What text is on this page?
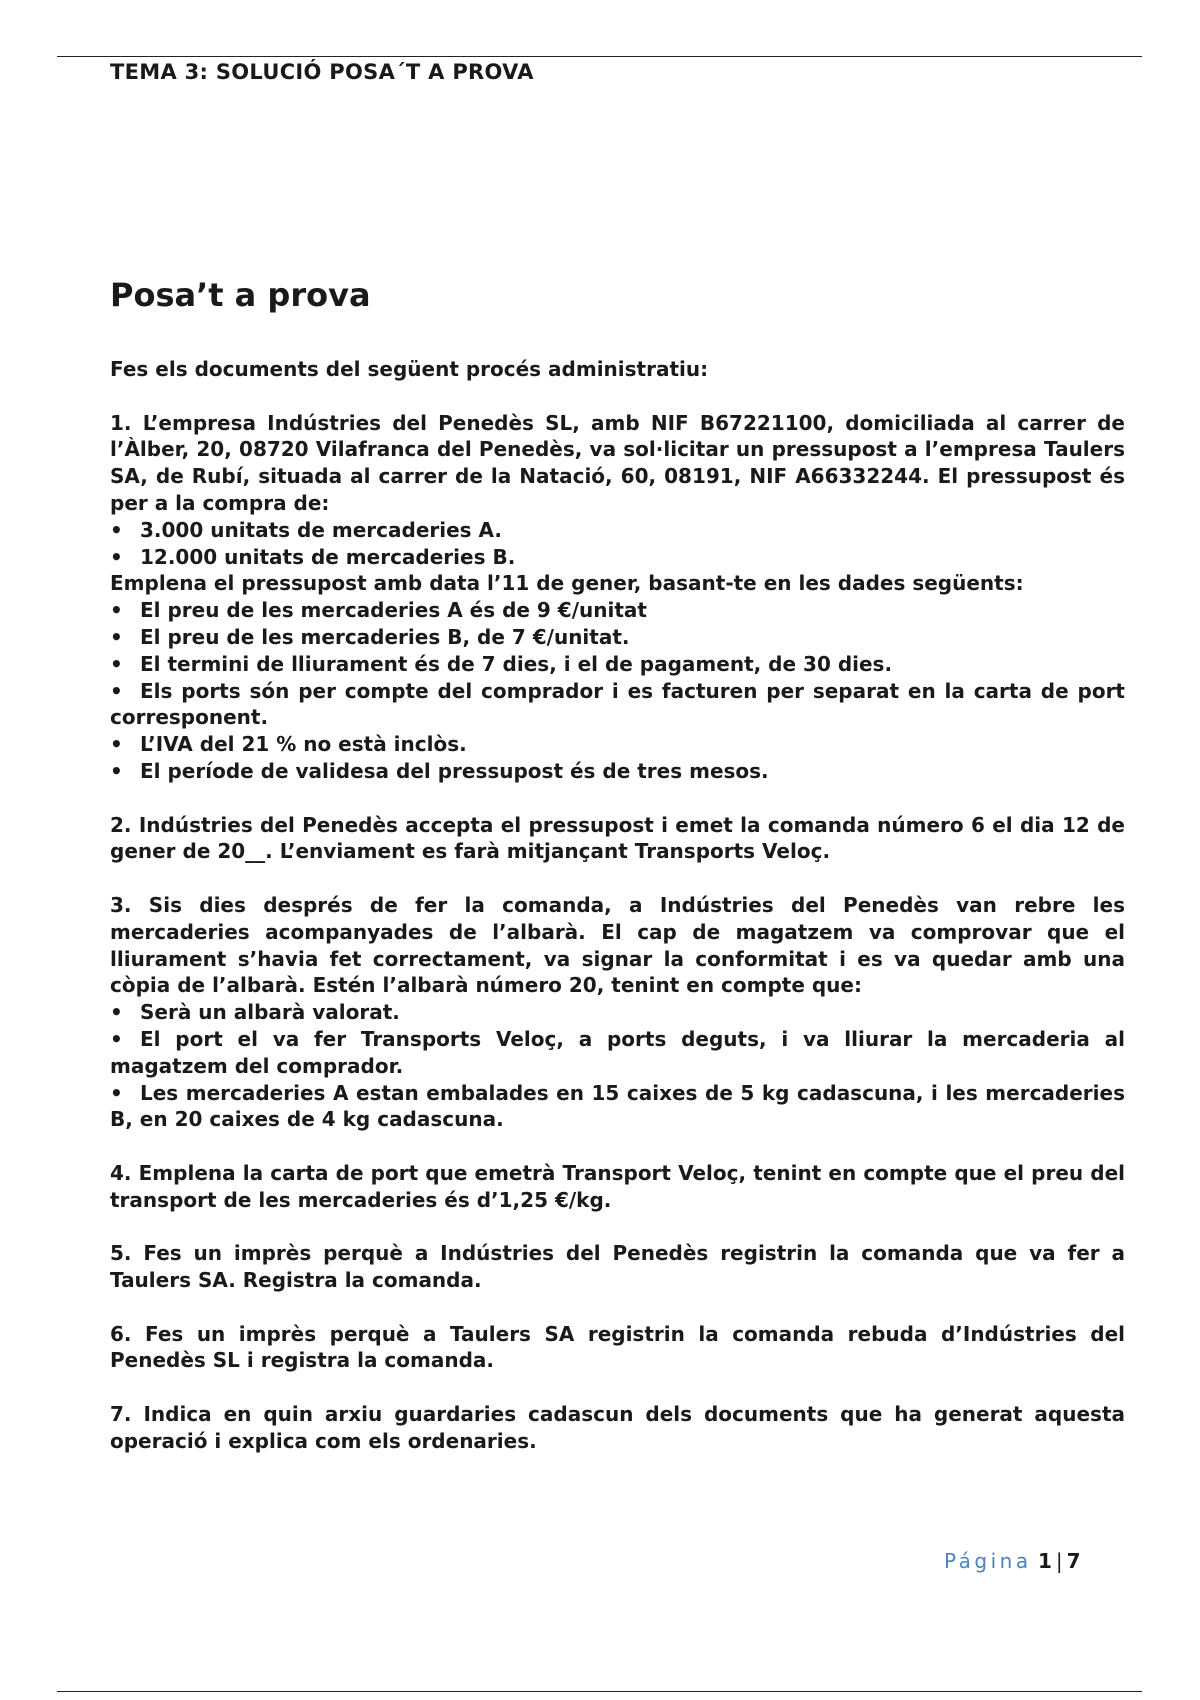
TEMA 3: SOLUCIÓ POSA´T A PROVA
Posa’t a prova

Fes els documents del següent procés administratiu:

1. L’empresa Indústries del Penedès SL, amb NIF B67221100, domiciliada al carrer de l’Àlber, 20, 08720 Vilafranca del Penedès, va sol·licitar un pressupost a l’empresa Taulers SA, de Rubí, situada al carrer de la Natació, 60, 08191, NIF A66332244. El pressupost és per a la compra de:

• 3.000 unitats de mercaderies A.
• 12.000 unitats de mercaderies B.

Emplena el pressupost amb data l’11 de gener, basant-te en les dades següents:

• El preu de les mercaderies A és de 9 €/unitat
• El preu de les mercaderies B, de 7 €/unitat.
• El termini de lliurament és de 7 dies, i el de pagament, de 30 dies.
• Els ports són per compte del comprador i es facturen per separat en la carta de port corresponent.
• L’IVA del 21 % no està inclòs.
• El període de validesa del pressupost és de tres mesos.

2. Indústries del Penedès accepta el pressupost i emet la comanda número 6 el dia 12 de gener de 20__. L’enviament es farà mitjançant Transports Veloç.

3. Sis dies després de fer la comanda, a Indústries del Penedès van rebre les mercaderies acompanyades de l’albarà. El cap de magatzem va comprovar que el lliurament s’havia fet correctament, va signar la conformitat i es va quedar amb una còpia de l’albarà. Estén l’albarà número 20, tenint en compte que:

• Serà un albarà valorat.
• El port el va fer Transports Veloç, a ports deguts, i va lliurar la mercaderia al magatzem del comprador.
• Les mercaderies A estan embalades en 15 caixes de 5 kg cadascuna, i les mercaderies B, en 20 caixes de 4 kg cadascuna.

4. Emplena la carta de port que emetrà Transport Veloç, tenint en compte que el preu del transport de les mercaderies és d’1,25 €/kg.

5. Fes un imprès perquè a Indústries del Penedès registrin la comanda que va fer a Taulers SA. Registra la comanda.

6. Fes un imprès perquè a Taulers SA registrin la comanda rebuda d’Indústries del Penedès SL i registra la comanda.

7. Indica en quin arxiu guardaries cadascun dels documents que ha generat aquesta operació i explica com els ordenaries.

Página 1 | 7
